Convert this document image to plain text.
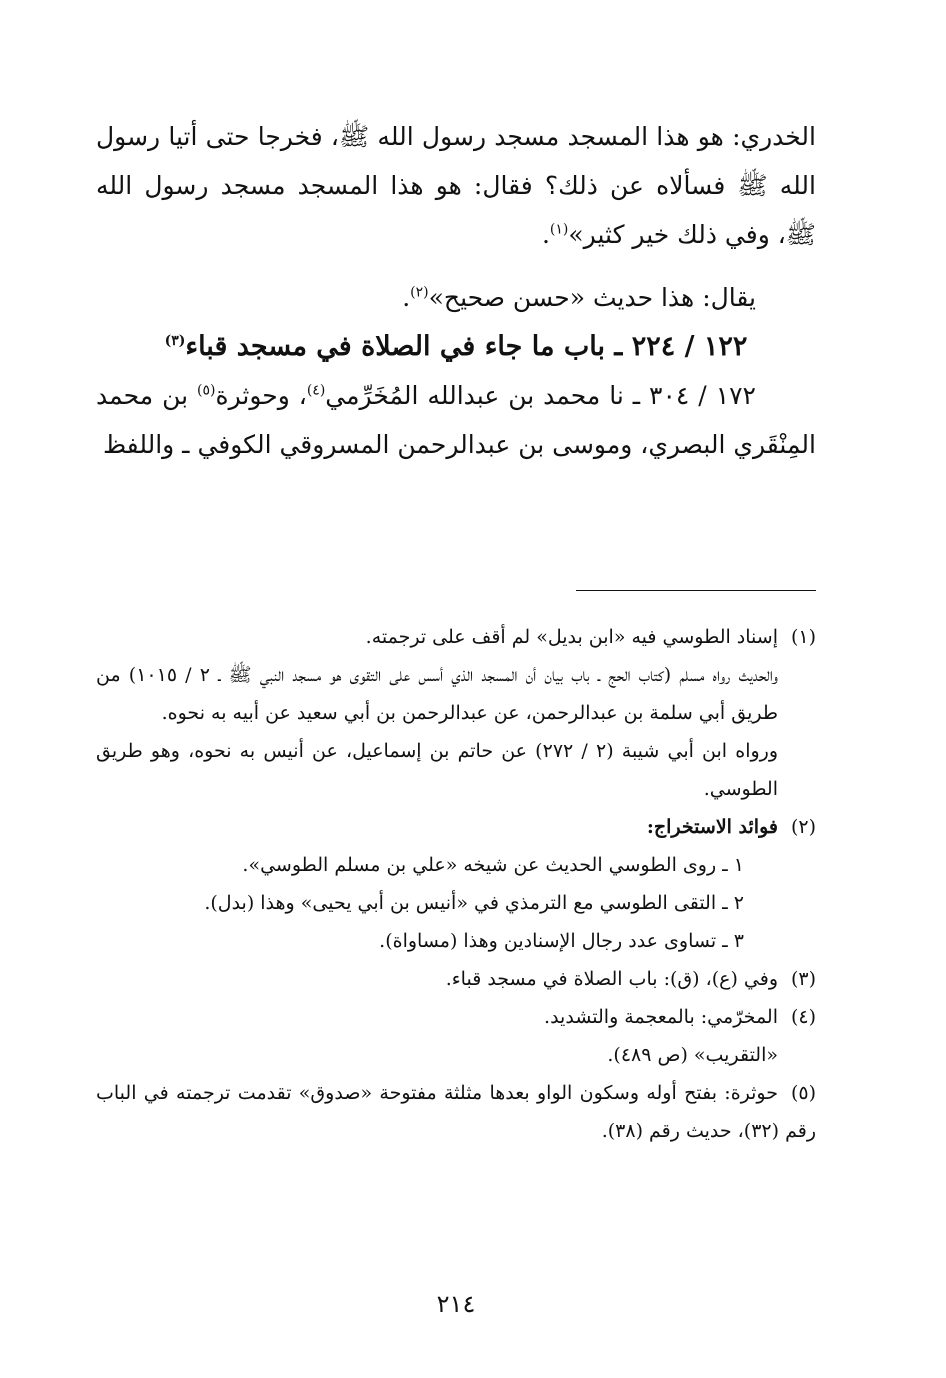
الخدري: هو هذا المسجد مسجد رسول الله ﷺ، فخرجا حتى أتيا رسول الله ﷺ فسألاه عن ذلك؟ فقال: هو هذا المسجد مسجد رسول الله ﷺ، وفي ذلك خير كثير»$^{(١)}$.

يقال: هذا حديث «حسن صحيح»$^{(٢)}$.

١٢٢ / ٢٢٤ ـ باب ما جاء في الصلاة في مسجد قباء$^{(٣)}$

١٧٢ / ٣٠٤ ـ نا محمد بن عبدالله المُخَرِّمي$^{(٤)}$، وحوثرة$^{(٥)}$ بن محمد المِنْقَري البصري، وموسى بن عبدالرحمن المسروقي الكوفي ـ واللفظ

(١)إسناد الطوسي فيه «ابن بديل» لم أقف على ترجمته.

والحديث رواه مسلم (كتاب الحج ـ باب بيان أن المسجد الذي أسس على التقوى هو مسجد النبي ﷺ ـ ٢ / ١٠١٥) من طريق أبي سلمة بن عبدالرحمن، عن عبدالرحمن بن أبي سعيد عن أبيه به نحوه.

ورواه ابن أبي شيبة (٢ / ٢٧٢) عن حاتم بن إسماعيل، عن أنيس به نحوه، وهو طريق الطوسي.

(٢)فوائد الاستخراج:

١ ـ روى الطوسي الحديث عن شيخه «علي بن مسلم الطوسي».

٢ ـ التقى الطوسي مع الترمذي في «أنيس بن أبي يحيى» وهذا (بدل).

٣ ـ تساوى عدد رجال الإسنادين وهذا (مساواة).

(٣)وفي (ع)، (ق): باب الصلاة في مسجد قباء.

(٤)المخرّمي: بالمعجمة والتشديد.

«التقريب» (ص ٤٨٩).

(٥)حوثرة: بفتح أوله وسكون الواو بعدها مثلثة مفتوحة «صدوق» تقدمت ترجمته في الباب رقم (٣٢)، حديث رقم (٣٨).

٢١٤
